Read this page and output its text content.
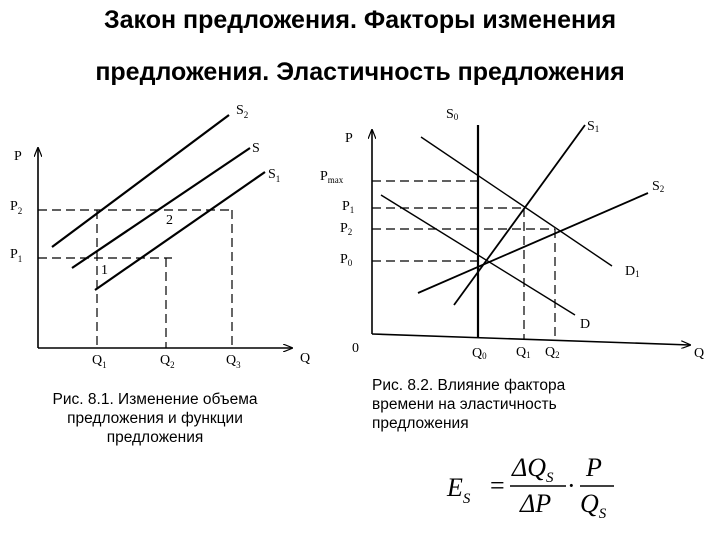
Закон предложения. Факторы изменения
предложения. Эластичность предложения
P
Q
$S_2$
S
$S_1$
$P_2$
$P_1$
2
1
$Q_1$	$Q_2$	$Q_3$
P
Q
0
S0
S1
S2
D1
D
$P_{max}$
$P_1$
$P_2$
$P_0$
Q0 Q1 Q2
$E_S$ =
$\Delta Q_S$
ΔP
·
P
$Q_S$
Рис. 8.1. Изменение объема
предложения и функции
предложения
Рис. 8.2. Влияние фактора
времени на эластичность
предложения
